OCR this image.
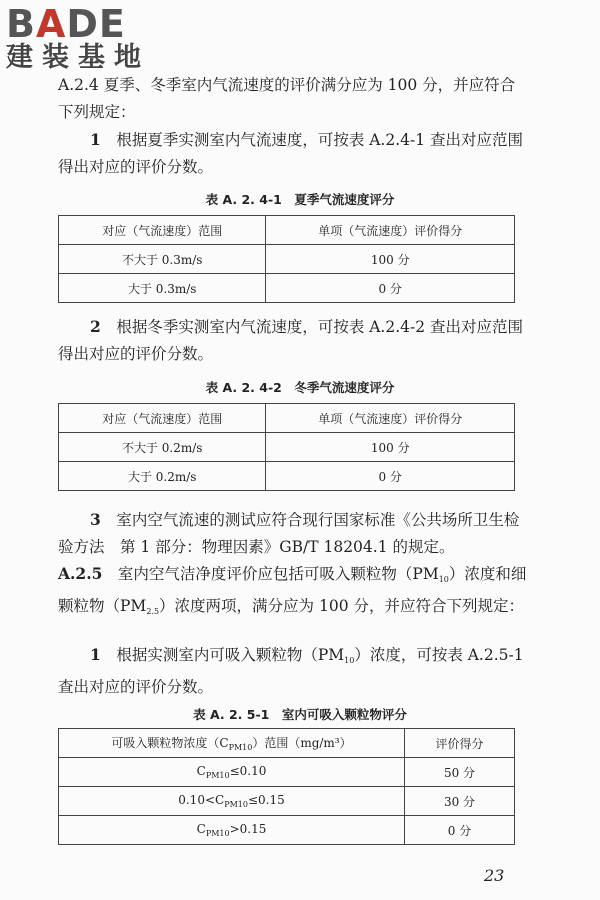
BADE
建装基地
A.2.4 夏季、冬季室内气流速度的评价满分应为 100 分，并应符合下列规定：
1　 根据夏季实测室内气流速度，可按表 A.2.4-1 查出对应范围得出对应的评价分数。
表 A. 2. 4-1　夏季气流速度评分
对应（气流速度）范围	单项（气流速度）评价得分
不大于 0.3m/s	100 分
大于 0.3m/s	0 分
2　 根据冬季实测室内气流速度，可按表 A.2.4-2 查出对应范围得出对应的评价分数。
表 A. 2. 4-2　冬季气流速度评分
对应（气流速度）范围	单项（气流速度）评价得分
不大于 0.2m/s	100 分
大于 0.2m/s	0 分
3　 室内空气流速的测试应符合现行国家标准《公共场所卫生检验方法　第 1 部分：物理因素》GB/T 18204.1 的规定。
A.2.5　 室内空气洁净度评价应包括可吸入颗粒物$(PM_{10})$浓度和细颗粒物$(PM_{2.5})$浓度两项，满分应为 100 分，并应符合下列规定：
1　 根据实测室内可吸入颗粒物$(PM_{10})$浓度，可按表 A.2.5-1查出对应的评价分数。
表 A. 2. 5-1　室内可吸入颗粒物评分
可吸入颗粒物浓度$(C_{PM10})$范围（mg/m³）	评价得分
$C_{PM10}\le 0.10$	50 分
$0.10<C_{PM10}\le 0.15$	30 分
$C_{PM10}>0.15$	0 分
23
